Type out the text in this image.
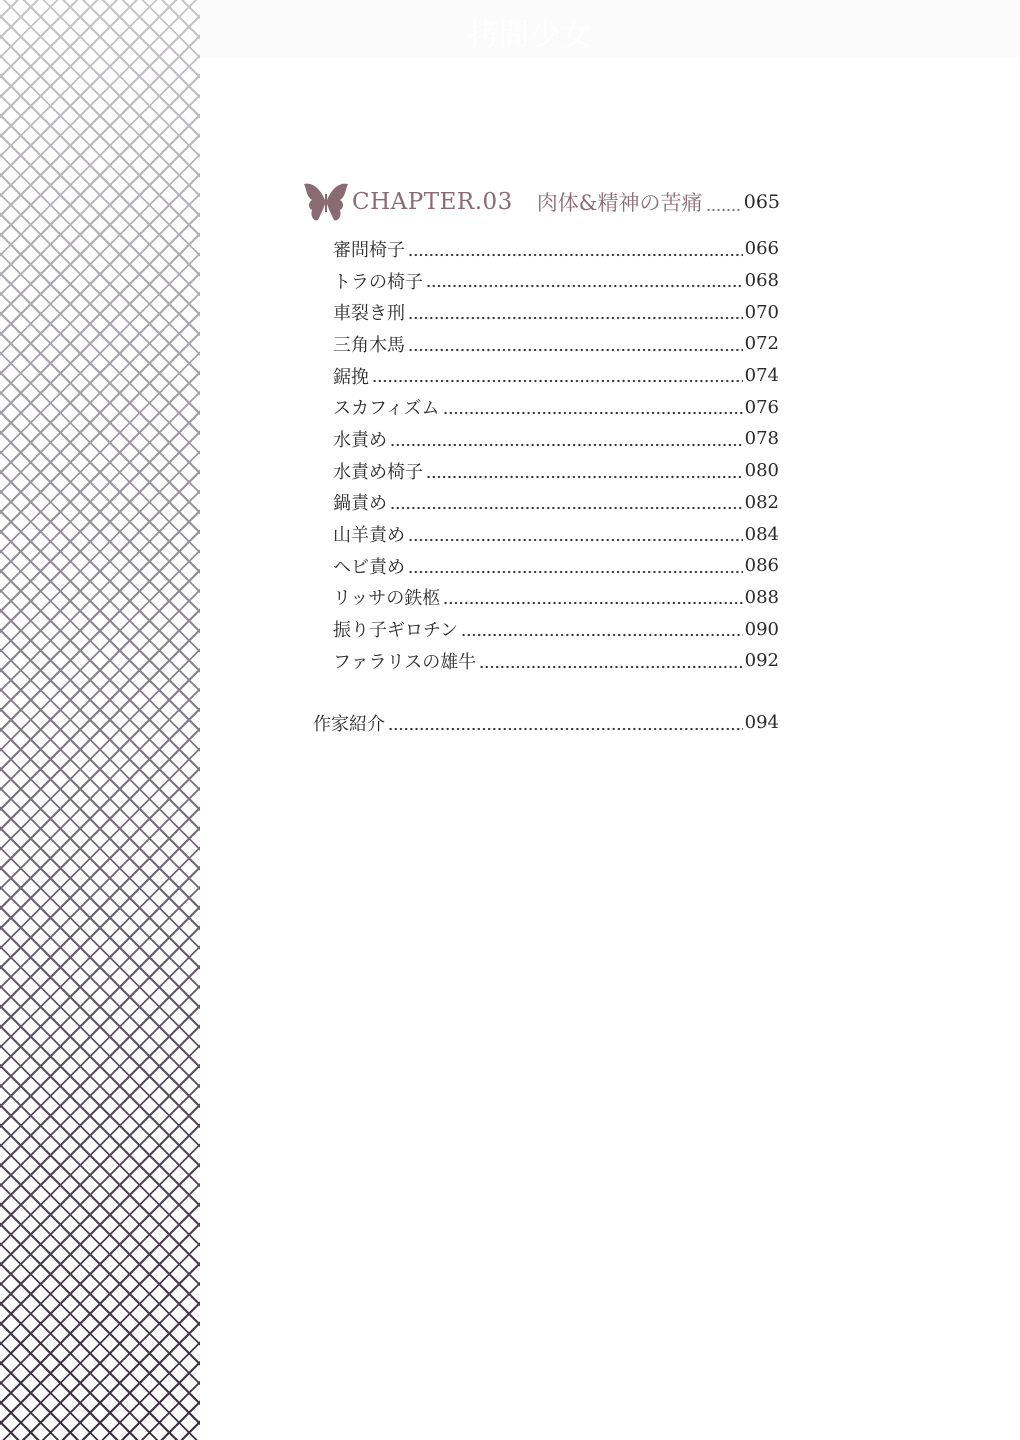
拷問少女
CHAPTER.03 肉体&精神の苦痛 065
審問椅子	066
トラの椅子	068
車裂き刑	070
三角木馬	072
鋸挽	074
スカフィズム	076
水責め	078
水責め椅子	080
鍋責め	082
山羊責め	084
ヘビ責め	086
リッサの鉄柩	088
振り子ギロチン	090
ファラリスの雄牛	092
作家紹介	094
